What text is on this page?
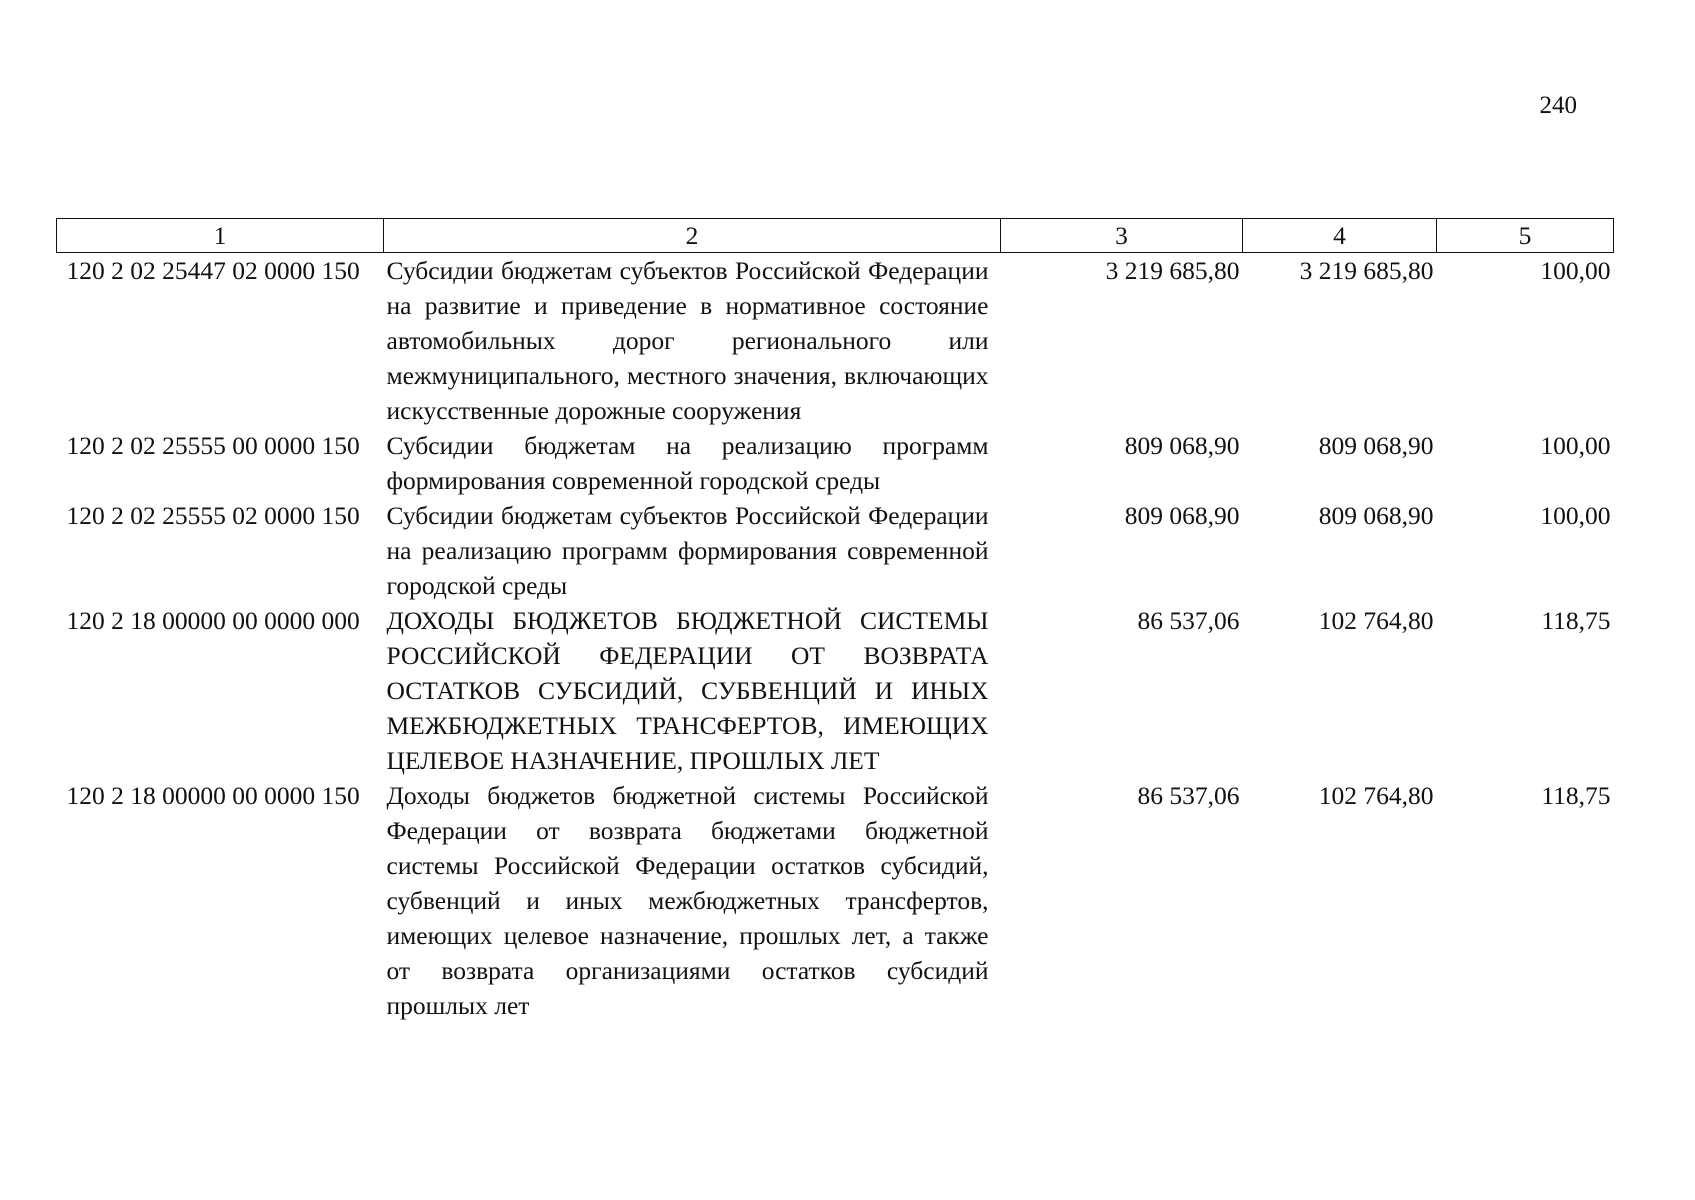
240
1	2	3	4	5
120 2 02 25447 02 0000 150	Субсидии бюджетам субъектов Российской Федерации на развитие и приведение в нормативное состояние автомобильных дорог регионального или межмуниципального, местного значения, включающих искусственные дорожные сооружения	3 219 685,80	3 219 685,80	100,00
120 2 02 25555 00 0000 150	Субсидии бюджетам на реализацию программ формирования современной городской среды	809 068,90	809 068,90	100,00
120 2 02 25555 02 0000 150	Субсидии бюджетам субъектов Российской Федерации на реализацию программ формирования современной городской среды	809 068,90	809 068,90	100,00
120 2 18 00000 00 0000 000	ДОХОДЫ БЮДЖЕТОВ БЮДЖЕТНОЙ СИСТЕМЫ РОССИЙСКОЙ ФЕДЕРАЦИИ ОТ ВОЗВРАТА ОСТАТКОВ СУБСИДИЙ, СУБВЕНЦИЙ И ИНЫХ МЕЖБЮДЖЕТНЫХ ТРАНСФЕРТОВ, ИМЕЮЩИХ ЦЕЛЕВОЕ НАЗНАЧЕНИЕ, ПРОШЛЫХ ЛЕТ	86 537,06	102 764,80	118,75
120 2 18 00000 00 0000 150	Доходы бюджетов бюджетной системы Российской Федерации от возврата бюджетами бюджетной системы Российской Федерации остатков субсидий, субвенций и иных межбюджетных трансфертов, имеющих целевое назначение, прошлых лет, а также от возврата организациями остатков субсидий прошлых лет	86 537,06	102 764,80	118,75
